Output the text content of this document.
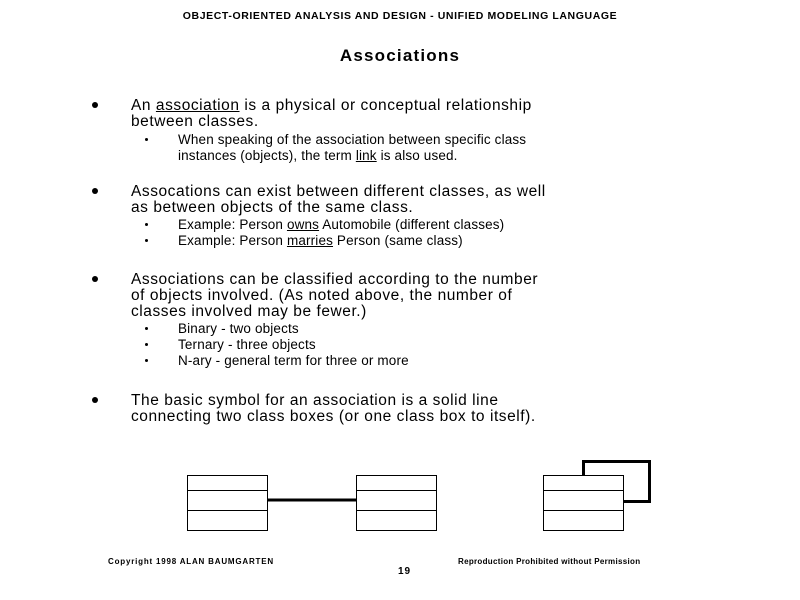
OBJECT-ORIENTED ANALYSIS AND DESIGN - UNIFIED MODELING LANGUAGE
Associations
An association is a physical or conceptual relationship
between classes.
When speaking of the association between specific class
instances (objects), the term link is also used.
Assocations can exist between different classes, as well
as between objects of the same class.
Example: Person owns Automobile (different classes)
Example: Person marries Person (same class)
Associations can be classified according to the number
of objects involved. (As noted above, the number of
classes involved may be fewer.)
Binary - two objects
Ternary - three objects
N-ary - general term for three or more
The basic symbol for an association is a solid line
connecting two class boxes (or one class box to itself).
Copyright 1998 ALAN BAUMGARTEN	Reproduction Prohibited without Permission
19
